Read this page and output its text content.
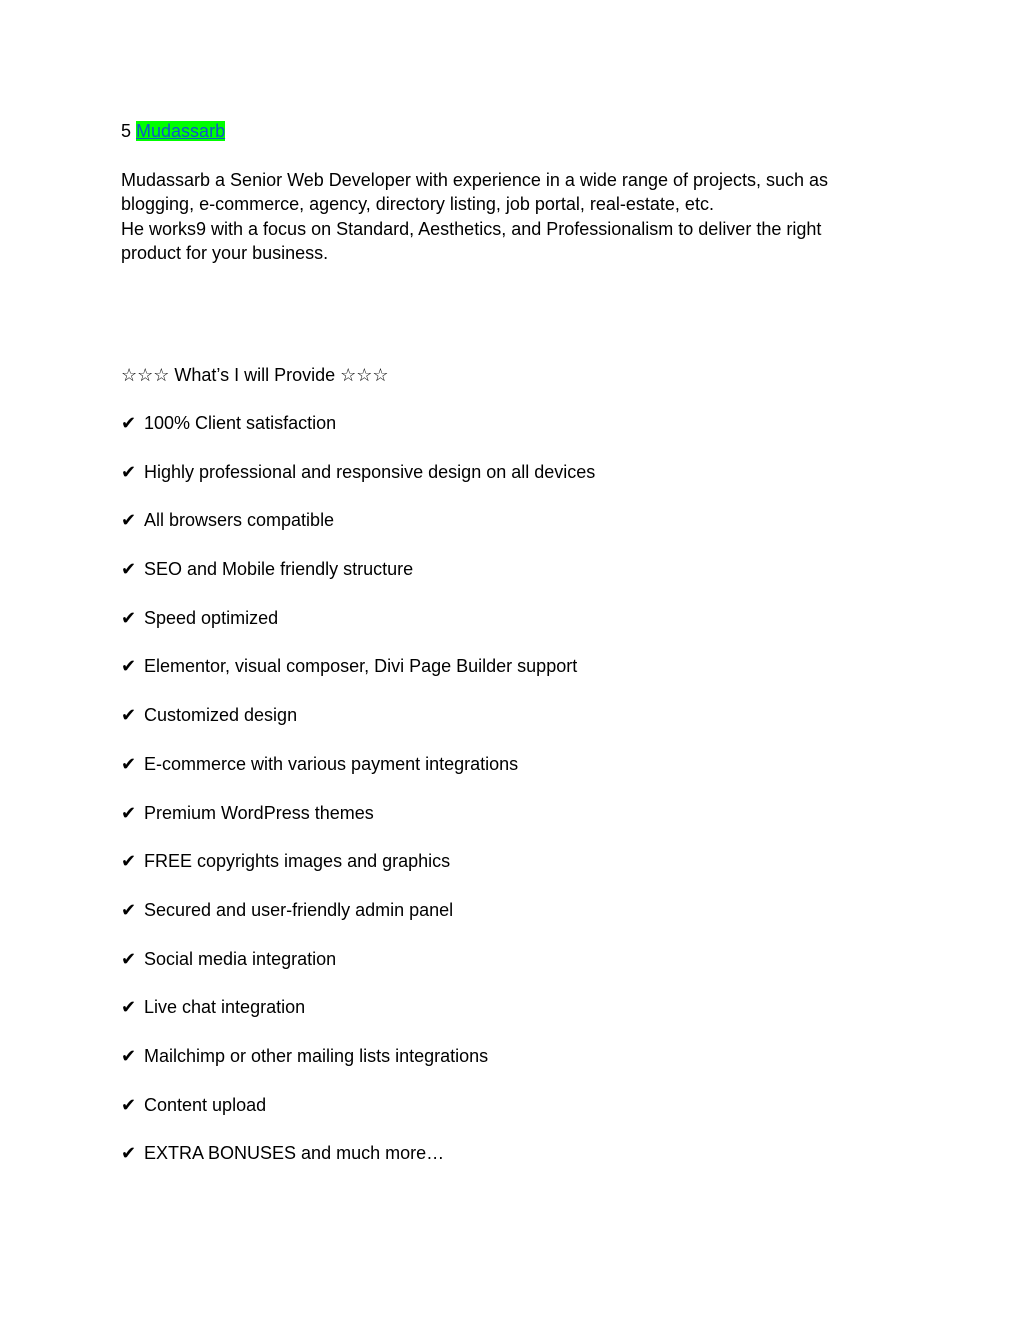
5 Mudassarb

Mudassarb a Senior Web Developer with experience in a wide range of projects, such as blogging, e-commerce, agency, directory listing, job portal, real-estate, etc.

He works9 with a focus on Standard, Aesthetics, and Professionalism to deliver the right product for your business.

☆☆☆ What’s I will Provide ☆☆☆
✔ 100% Client satisfaction
✔ Highly professional and responsive design on all devices
✔ All browsers compatible
✔ SEO and Mobile friendly structure
✔ Speed optimized
✔ Elementor, visual composer, Divi Page Builder support
✔ Customized design
✔ E-commerce with various payment integrations
✔ Premium WordPress themes
✔ FREE copyrights images and graphics
✔ Secured and user-friendly admin panel
✔ Social media integration
✔ Live chat integration
✔ Mailchimp or other mailing lists integrations
✔ Content upload
✔ EXTRA BONUSES and much more…
